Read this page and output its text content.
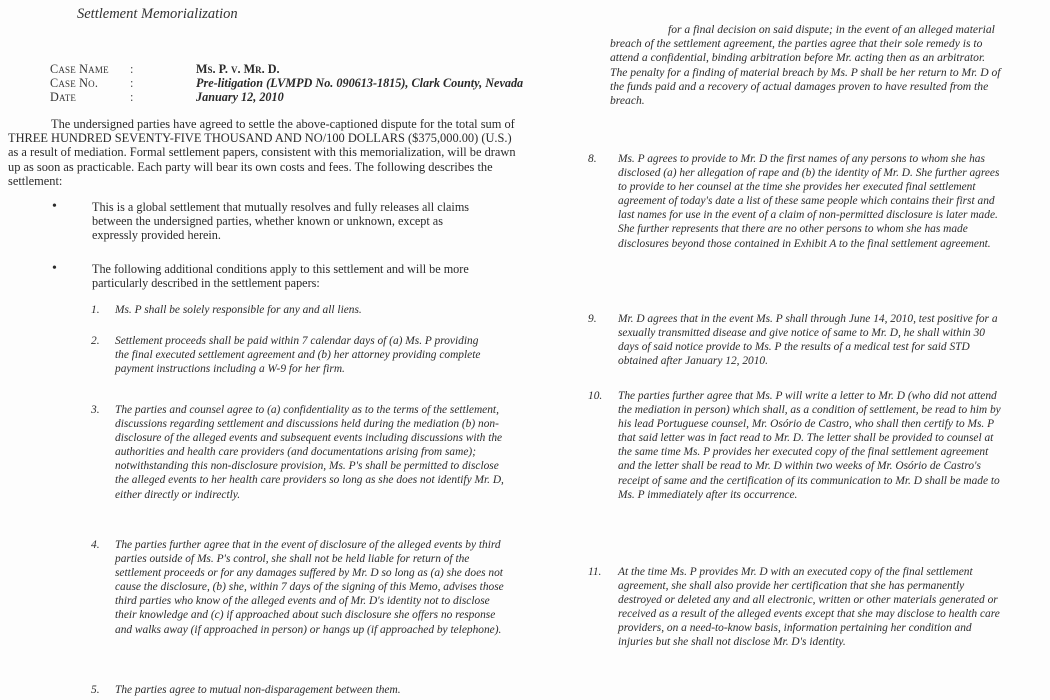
Settlement Memorialization
Case Name	:	Ms. P. v. Mr. D.
Case No.	:	Pre-litigation (LVMPD No. 090613-1815), Clark County, Nevada
Date	:	January 12, 2010
The undersigned parties have agreed to settle the above-captioned dispute for the total sum of THREE HUNDRED SEVENTY-FIVE THOUSAND AND NO/100 DOLLARS ($375,000.00) (U.S.) as a result of mediation. Formal settlement papers, consistent with this memorialization, will be drawn up as soon as practicable. Each party will bear its own costs and fees. The following describes the settlement:
•	This is a global settlement that mutually resolves and fully releases all claims between the undersigned parties, whether known or unknown, except as expressly provided herein.
•	The following additional conditions apply to this settlement and will be more particularly described in the settlement papers:
1.	Ms. P shall be solely responsible for any and all liens.
2.	Settlement proceeds shall be paid within 7 calendar days of (a) Ms. P providing the final executed settlement agreement and (b) her attorney providing complete payment instructions including a W-9 for her firm.
3.	The parties and counsel agree to (a) confidentiality as to the terms of the settlement, discussions regarding settlement and discussions held during the mediation (b) non-disclosure of the alleged events and subsequent events including discussions with the authorities and health care providers (and documentations arising from same); notwithstanding this non-disclosure provision, Ms. P's shall be permitted to disclose the alleged events to her health care providers so long as she does not identify Mr. D, either directly or indirectly.
4.	The parties further agree that in the event of disclosure of the alleged events by third parties outside of Ms. P's control, she shall not be held liable for return of the settlement proceeds or for any damages suffered by Mr. D so long as (a) she does not cause the disclosure, (b) she, within 7 days of the signing of this Memo, advises those third parties who know of the alleged events and of Mr. D's identity not to disclose their knowledge and (c) if approached about such disclosure she offers no response and walks away (if approached in person) or hangs up (if approached by telephone).
5.	The parties agree to mutual non-disparagement between them.
for a final decision on said dispute; in the event of an alleged material breach of the settlement agreement, the parties agree that their sole remedy is to attend a confidential, binding arbitration before Mr. acting then as an arbitrator. The penalty for a finding of material breach by Ms. P shall be her return to Mr. D of the funds paid and a recovery of actual damages proven to have resulted from the breach.
8.	Ms. P agrees to provide to Mr. D the first names of any persons to whom she has disclosed (a) her allegation of rape and (b) the identity of Mr. D. She further agrees to provide to her counsel at the time she provides her executed final settlement agreement of today's date a list of these same people which contains their first and last names for use in the event of a claim of non-permitted disclosure is later made. She further represents that there are no other persons to whom she has made disclosures beyond those contained in Exhibit A to the final settlement agreement.
9.	Mr. D agrees that in the event Ms. P shall through June 14, 2010, test positive for a sexually transmitted disease and give notice of same to Mr. D, he shall within 30 days of said notice provide to Ms. P the results of a medical test for said STD obtained after January 12, 2010.
10.	The parties further agree that Ms. P will write a letter to Mr. D (who did not attend the mediation in person) which shall, as a condition of settlement, be read to him by his lead Portuguese counsel, Mr. Osório de Castro, who shall then certify to Ms. P that said letter was in fact read to Mr. D. The letter shall be provided to counsel at the same time Ms. P provides her executed copy of the final settlement agreement and the letter shall be read to Mr. D within two weeks of Mr. Osório de Castro's receipt of same and the certification of its communication to Mr. D shall be made to Ms. P immediately after its occurrence.
11.	At the time Ms. P provides Mr. D with an executed copy of the final settlement agreement, she shall also provide her certification that she has permanently destroyed or deleted any and all electronic, written or other materials generated or received as a result of the alleged events except that she may disclose to health care providers, on a need-to-know basis, information pertaining her condition and injuries but she shall not disclose Mr. D's identity.
